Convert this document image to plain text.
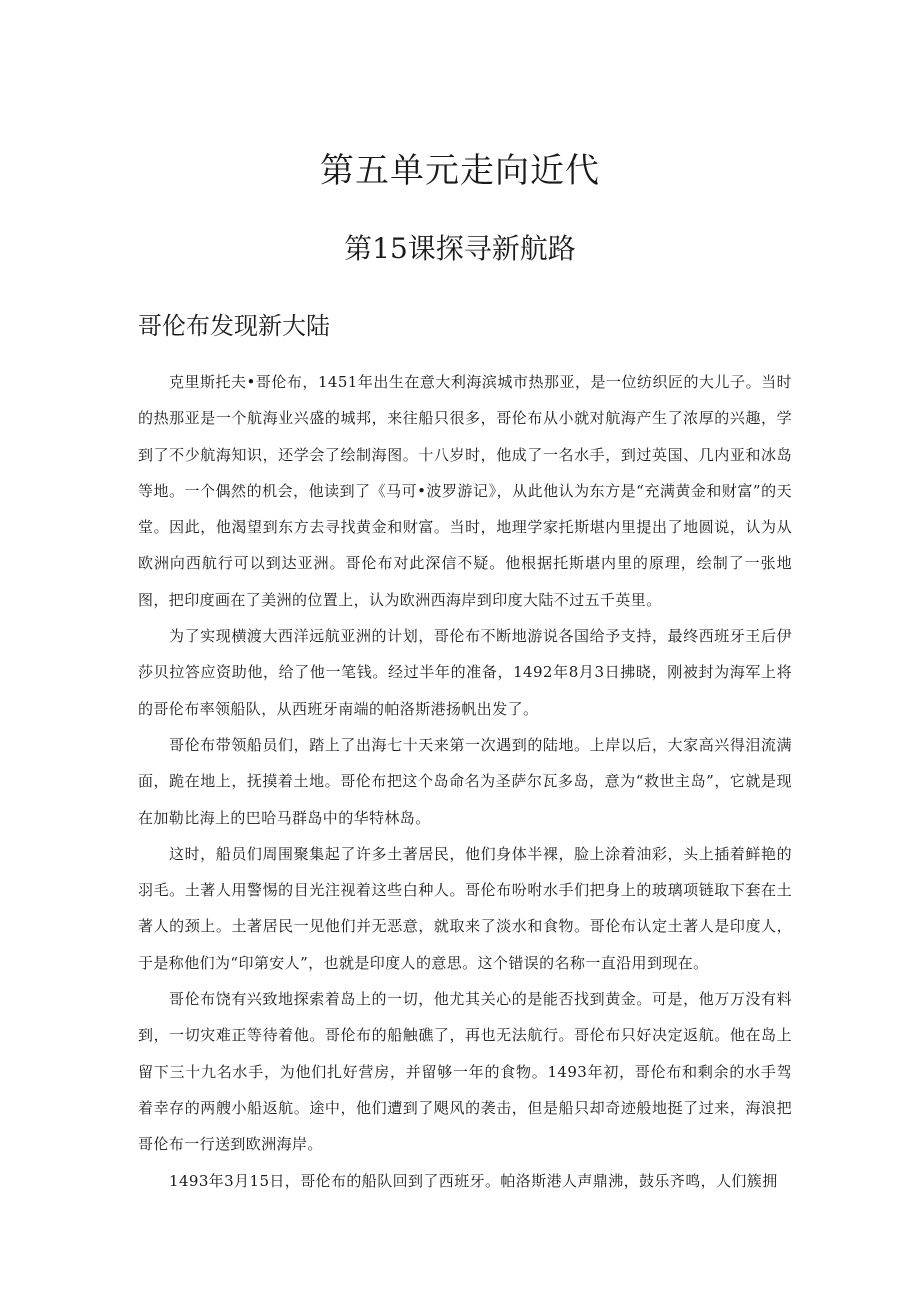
第五单元走向近代
第15课探寻新航路
哥伦布发现新大陆

克里斯托夫•哥伦布，1451年出生在意大利海滨城市热那亚，是一位纺织匠的大儿子。当时的热那亚是一个航海业兴盛的城邦，来往船只很多，哥伦布从小就对航海产生了浓厚的兴趣，学到了不少航海知识，还学会了绘制海图。十八岁时，他成了一名水手，到过英国、几内亚和冰岛等地。一个偶然的机会，他读到了《马可•波罗游记》，从此他认为东方是“充满黄金和财富”的天堂。因此，他渴望到东方去寻找黄金和财富。当时，地理学家托斯堪内里提出了地圆说，认为从欧洲向西航行可以到达亚洲。哥伦布对此深信不疑。他根据托斯堪内里的原理，绘制了一张地图，把印度画在了美洲的位置上，认为欧洲西海岸到印度大陆不过五千英里。

为了实现横渡大西洋远航亚洲的计划，哥伦布不断地游说各国给予支持，最终西班牙王后伊莎贝拉答应资助他，给了他一笔钱。经过半年的准备，1492年8月3日拂晓，刚被封为海军上将的哥伦布率领船队，从西班牙南端的帕洛斯港扬帆出发了。

哥伦布带领船员们，踏上了出海七十天来第一次遇到的陆地。上岸以后，大家高兴得泪流满面，跪在地上，抚摸着土地。哥伦布把这个岛命名为圣萨尔瓦多岛，意为“救世主岛”，它就是现在加勒比海上的巴哈马群岛中的华特林岛。

这时，船员们周围聚集起了许多土著居民，他们身体半裸，脸上涂着油彩，头上插着鲜艳的羽毛。土著人用警惕的目光注视着这些白种人。哥伦布吩咐水手们把身上的玻璃项链取下套在土著人的颈上。土著居民一见他们并无恶意，就取来了淡水和食物。哥伦布认定土著人是印度人，于是称他们为“印第安人”，也就是印度人的意思。这个错误的名称一直沿用到现在。

哥伦布饶有兴致地探索着岛上的一切，他尤其关心的是能否找到黄金。可是，他万万没有料到，一切灾难正等待着他。哥伦布的船触礁了，再也无法航行。哥伦布只好决定返航。他在岛上留下三十九名水手，为他们扎好营房，并留够一年的食物。1493年初，哥伦布和剩余的水手驾着幸存的两艘小船返航。途中，他们遭到了飓风的袭击，但是船只却奇迹般地挺了过来，海浪把哥伦布一行送到欧洲海岸。

1493年3月15日，哥伦布的船队回到了西班牙。帕洛斯港人声鼎沸，鼓乐齐鸣，人们簇拥
